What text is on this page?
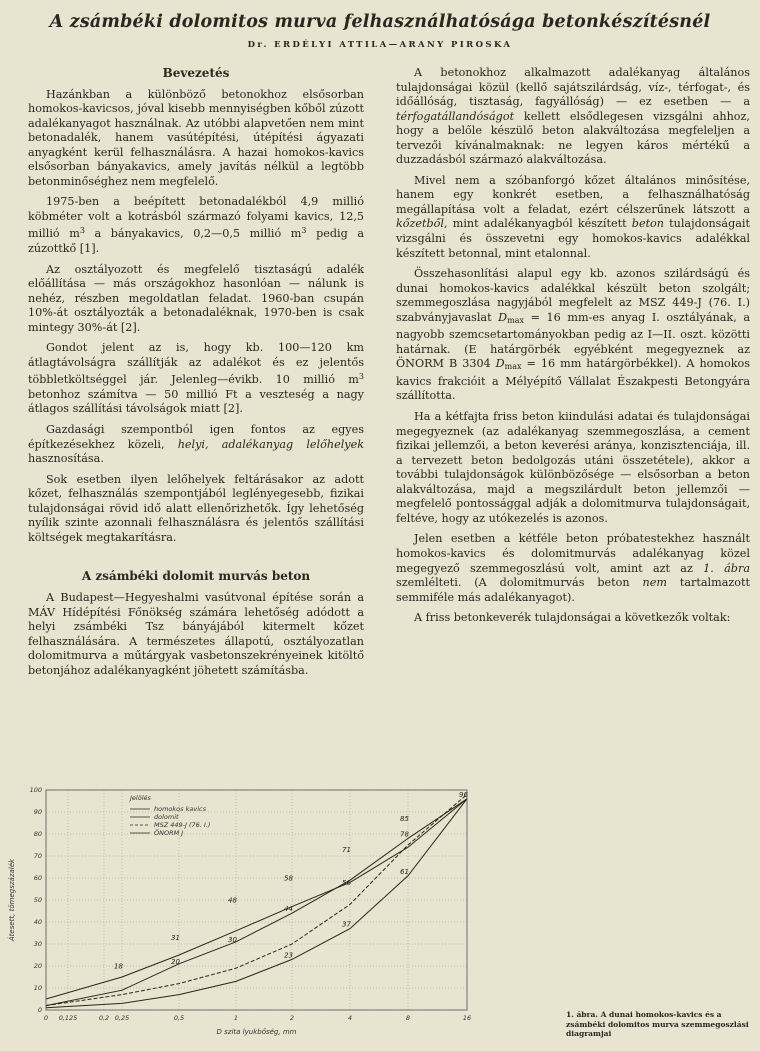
A zsámbéki dolomitos murva felhasználhatósága betonkészítésnél
Dr. ERDÉLYI ATTILA—ARANY PIROSKA
Bevezetés

Hazánkban a különböző betonokhoz elsősorban homokos-kavicsos, jóval kisebb mennyiségben kőből zúzott adalékanyagot használnak. Az utóbbi alapvetően nem mint betonadalék, hanem vasútépítési, útépítési ágyazati anyagként kerül felhasználásra. A hazai homokos-kavics elsősorban bányakavics, amely javítás nélkül a legtöbb betonminőséghez nem megfelelő.

1975-ben a beépített betonadalékból 4,9 millió köbméter volt a kotrásból származó folyami kavics, 12,5 millió $m^3$ a bányakavics, 0,2—0,5 millió $m^3$ pedig a zúzottkő [1].

Az osztályozott és megfelelő tisztaságú adalék előállítása — más országokhoz hasonlóan — nálunk is nehéz, részben megoldatlan feladat. 1960-ban csupán 10%-át osztályozták a betonadaléknak, 1970-ben is csak mintegy 30%-át [2].

Gondot jelent az is, hogy kb. 100—120 km átlagtávolságra szállítják az adalékot és ez jelentős többletköltséggel jár. Jelenleg—évikb. 10 millió $m^3$ betonhoz számítva — 50 millió Ft a veszteség a nagy átlagos szállítási távolságok miatt [2].

Gazdasági szempontból igen fontos az egyes építkezésekhez közeli, helyi, adalékanyag lelőhelyek hasznosítása.

Sok esetben ilyen lelőhelyek feltárásakor az adott kőzet, felhasználás szempontjából leglényegesebb, fizikai tulajdonságai rövid idő alatt ellenőrizhetők. Így lehetőség nyílik szinte azonnali felhasználásra és jelentős szállítási költségek megtakarításra.

A zsámbéki dolomit murvás beton

A Budapest—Hegyeshalmi vasútvonal építése során a MÁV Hídépítési Főnökség számára lehetőség adódott a helyi zsámbéki Tsz bányájából kitermelt kőzet felhasználására. A természetes állapotú, osztályozatlan dolomitmurva a műtárgyak vasbetonszekrényeinek kitöltő betonjához adalékanyagként jöhetett számításba.

A betonokhoz alkalmazott adalékanyag általános tulajdonságai közül (kellő sajátszilárdság, víz-, térfogat-, és időállóság, tisztaság, fagyállóság) — ez esetben — a térfogatállandóságot kellett elsődlegesen vizsgálni ahhoz, hogy a belőle készülő beton alakváltozása megfeleljen a tervezői kívánalmaknak: ne legyen káros mértékű a duzzadásból származó alakváltozása.

Mivel nem a szóbanforgó kőzet általános minősítése, hanem egy konkrét esetben, a felhasználhatóság megállapítása volt a feladat, ezért célszerűnek látszott a kőzetből, mint adalékanyagból készített beton tulajdonságait vizsgálni és összevetni egy homokos-kavics adalékkal készített betonnal, mint etalonnal.

Összehasonlítási alapul egy kb. azonos szilárdságú és dunai homokos-kavics adalékkal készült beton szolgált; szemmegoszlása nagyjából megfelelt az MSZ 449-J (76. I.) szabványjavaslat $D_{max} = 16$ mm-es anyag I. osztályának, a nagyobb szemcsetartományokban pedig az I—II. oszt. közötti határnak. (E határgörbék egyébként megegyeznek az ÖNORM B 3304 $D_{max} = 16$ mm határgörbékkel). A homokos kavics frakcióit a Mélyépítő Vállalat Északpesti Betongyára szállította.

Ha a kétfajta friss beton kiindulási adatai és tulajdonságai megegyeznek (az adalékanyag szemmegoszlása, a cement fizikai jellemzői, a beton keverési aránya, konzisztenciája, ill. a tervezett beton bedolgozás utáni összetétele), akkor a további tulajdonságok különbözősége — elsősorban a beton alakváltozása, majd a megszilárdult beton jellemzői — megfelelő pontossággal adják a dolomitmurva tulajdonságait, feltéve, hogy az utókezelés is azonos.

Jelen esetben a kétféle beton próbatestekhez használt homokos-kavics és dolomitmurvás adalékanyag közel megegyező szemmegoszlású volt, amint azt az 1. ábra szemlélteti. (A dolomitmurvás beton nem tartalmazott semmiféle más adalékanyagot).

A friss betonkeverék tulajdonságai a következők voltak:

0
10
20
30
40
50
60
70
80
90
100
0 0,125	0,2 0,25	0,5	1	2	4	8	16
D szita lyukbőség, mm
Átesett, tömegszázalék
18
20
31	30
48
23
44
58
37
56
71
61
78
85
96
Jelölés
homokos kavics
dolomit
MSZ 449-J (76. I.)
ÖNORM J
1. ábra. A dunai homokos-kavics és a zsámbéki dolomitos murva szemmegoszlási diagramjai
